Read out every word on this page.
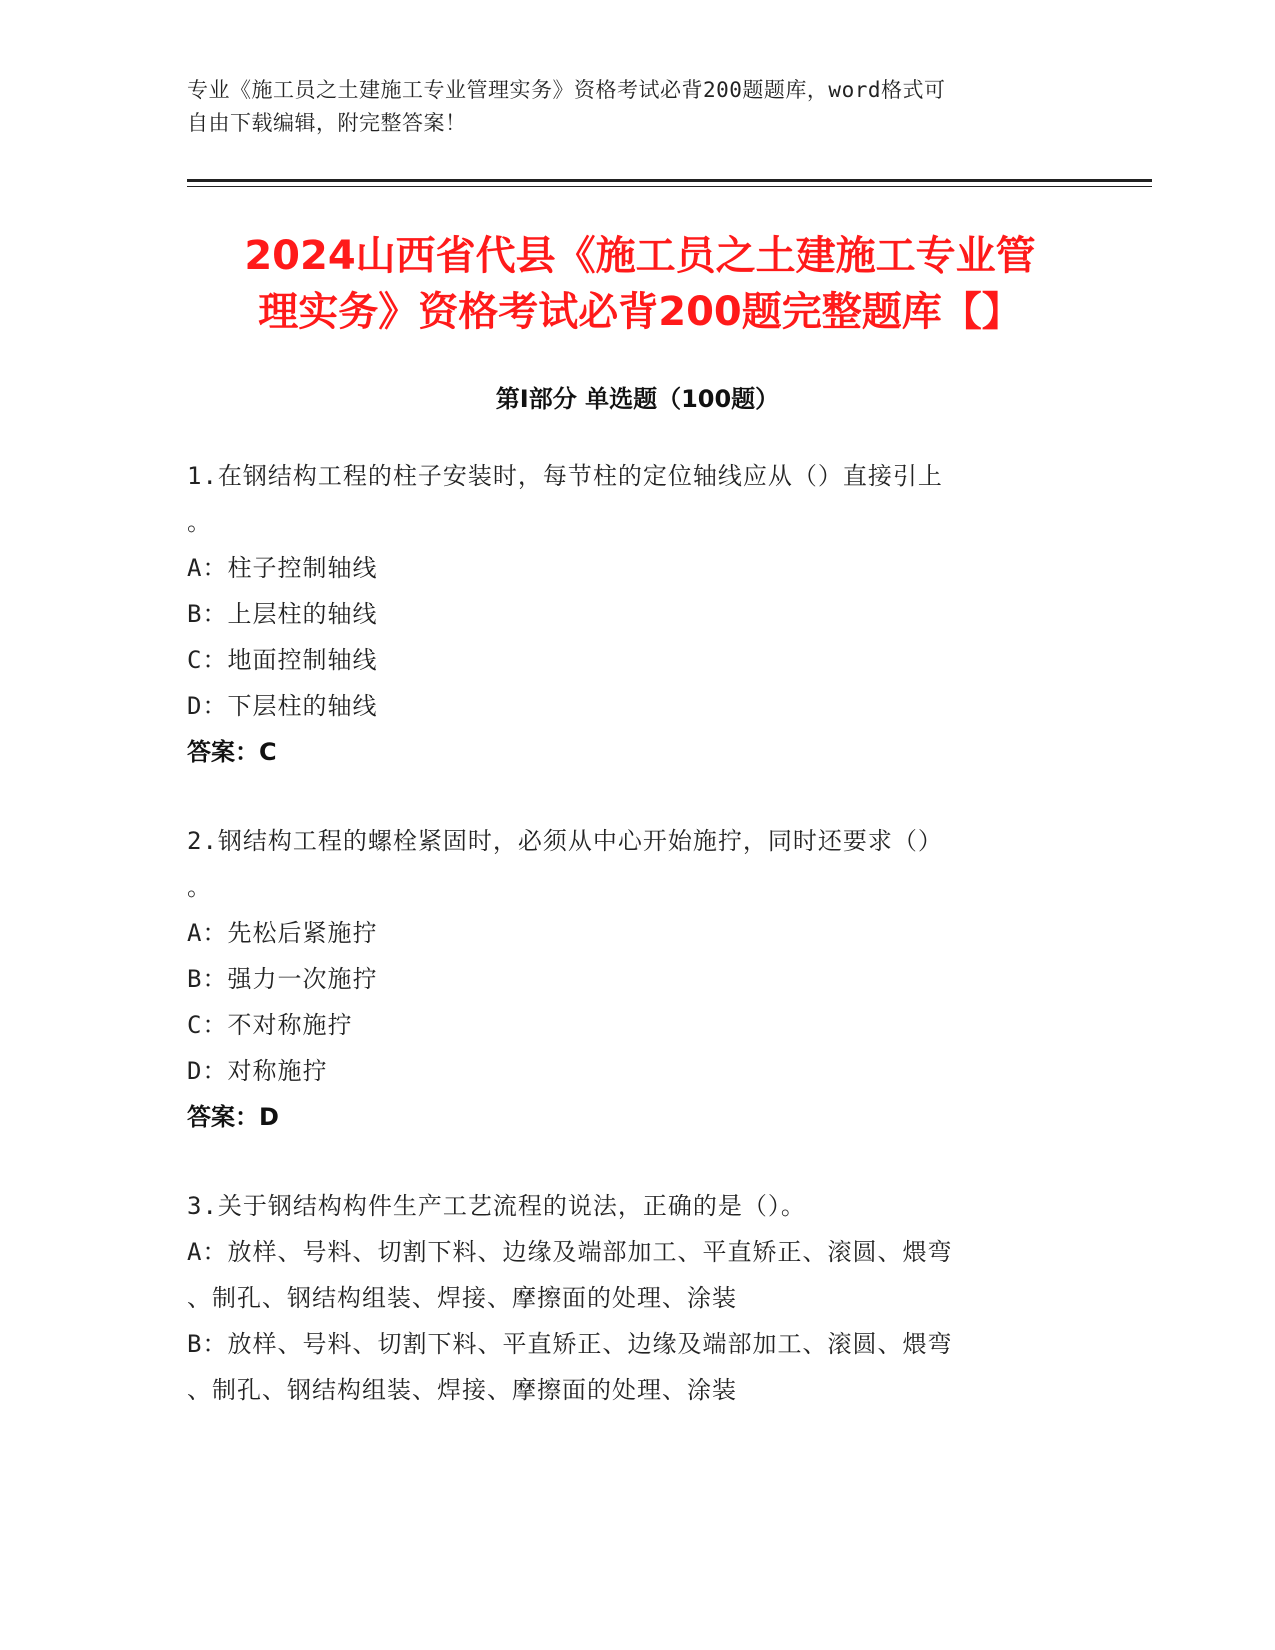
专业《施工员之土建施工专业管理实务》资格考试必背200题题库，word格式可
自由下载编辑，附完整答案！
2024山西省代县《施工员之土建施工专业管
理实务》资格考试必背200题完整题库【】
第Ⅰ部分 单选题（100题）
1.在钢结构工程的柱子安装时，每节柱的定位轴线应从（）直接引上
。
A：柱子控制轴线
B：上层柱的轴线
C：地面控制轴线
D：下层柱的轴线
答案：C
2.钢结构工程的螺栓紧固时，必须从中心开始施拧，同时还要求（）
。
A：先松后紧施拧
B：强力一次施拧
C：不对称施拧
D：对称施拧
答案：D
3.关于钢结构构件生产工艺流程的说法，正确的是（）。
A：放样、号料、切割下料、边缘及端部加工、平直矫正、滚圆、煨弯
、制孔、钢结构组装、焊接、摩擦面的处理、涂装
B：放样、号料、切割下料、平直矫正、边缘及端部加工、滚圆、煨弯
、制孔、钢结构组装、焊接、摩擦面的处理、涂装
